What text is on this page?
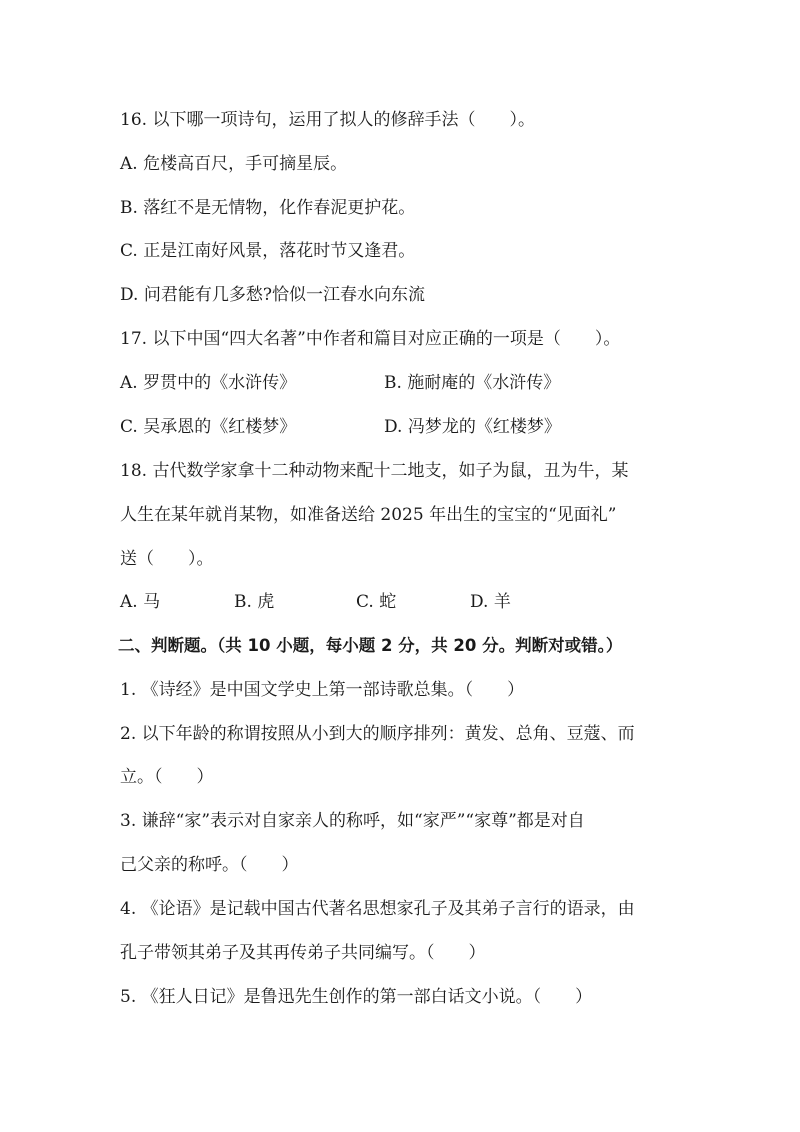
16. 以下哪一项诗句，运用了拟人的修辞手法（　　）。
A. 危楼高百尺，手可摘星辰。
B. 落红不是无情物，化作春泥更护花。
C. 正是江南好风景，落花时节又逢君。
D. 问君能有几多愁?恰似一江春水向东流
17. 以下中国“四大名著”中作者和篇目对应正确的一项是（　　）。
A. 罗贯中的《水浒传》	B. 施耐庵的《水浒传》
C. 吴承恩的《红楼梦》	D. 冯梦龙的《红楼梦》
18. 古代数学家拿十二种动物来配十二地支，如子为鼠，丑为牛，某
人生在某年就肖某物，如准备送给 2025 年出生的宝宝的“见面礼”
送（　　）。
A. 马	B. 虎	C. 蛇	D. 羊
二、判断题。（共 10 小题，每小题 2 分，共 20 分。判断对或错。）
1. 《诗经》是中国文学史上第一部诗歌总集。（　　）
2. 以下年龄的称谓按照从小到大的顺序排列：黄发、总角、豆蔻、而
立。（　　）
3. 谦辞“家”表示对自家亲人的称呼，如“家严”“家尊”都是对自
己父亲的称呼。（　　）
4. 《论语》是记载中国古代著名思想家孔子及其弟子言行的语录，由
孔子带领其弟子及其再传弟子共同编写。（　　）
5. 《狂人日记》是鲁迅先生创作的第一部白话文小说。（　　）
